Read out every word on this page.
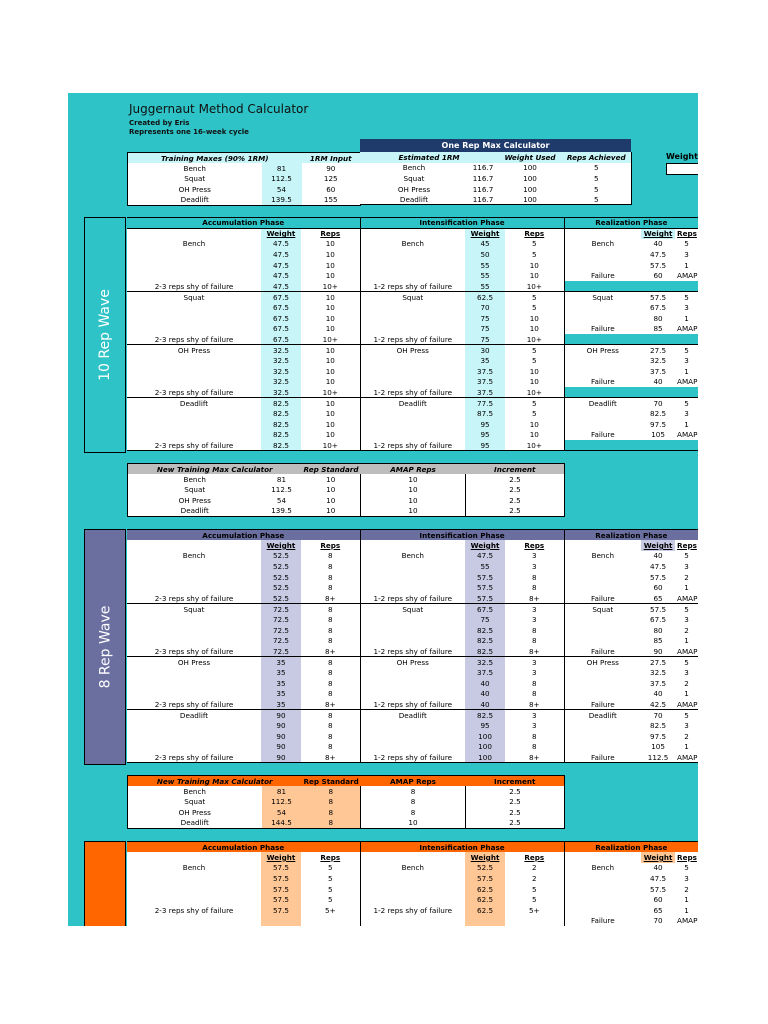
Juggernaut Method Calculator
Created by Eris
Represents one 16-week cycle
One Rep Max Calculator
Weight
Training Maxes (90% 1RM)		1RM Input
Bench	81	90
Squat	112.5	125
OH Press	54	60
Deadlift	139.5	155
Estimated 1RM		Weight Used	Reps Achieved
Bench	116.7	100	5
Squat	116.7	100	5
OH Press	116.7	100	5
Deadlift	116.7	100	5
10 Rep Wave
Accumulation Phase			Intensification Phase			Realization Phase		
	Weight	Reps		Weight	Reps		Weight	Reps
Bench	47.5	10	Bench	45	5	Bench	40	5
	47.5	10		50	5		47.5	3
	47.5	10		55	10		57.5	1
	47.5	10		55	10	Failure	60	AMAP
2-3 reps shy of failure	47.5	10+	1-2 reps shy of failure	55	10+			
Squat	67.5	10	Squat	62.5	5	Squat	57.5	5
	67.5	10		70	5		67.5	3
	67.5	10		75	10		80	1
	67.5	10		75	10	Failure	85	AMAP
2-3 reps shy of failure	67.5	10+	1-2 reps shy of failure	75	10+			
OH Press	32.5	10	OH Press	30	5	OH Press	27.5	5
	32.5	10		35	5		32.5	3
	32.5	10		37.5	10		37.5	1
	32.5	10		37.5	10	Failure	40	AMAP
2-3 reps shy of failure	32.5	10+	1-2 reps shy of failure	37.5	10+			
Deadlift	82.5	10	Deadlift	77.5	5	Deadlift	70	5
	82.5	10		87.5	5		82.5	3
	82.5	10		95	10		97.5	1
	82.5	10		95	10	Failure	105	AMAP
2-3 reps shy of failure	82.5	10+	1-2 reps shy of failure	95	10+			
New Training Max Calculator		Rep Standard	AMAP Reps	Increment
Bench	81	10	10	2.5
Squat	112.5	10	10	2.5
OH Press	54	10	10	2.5
Deadlift	139.5	10	10	2.5
8 Rep Wave
Accumulation Phase			Intensification Phase			Realization Phase		
	Weight	Reps		Weight	Reps		Weight	Reps
Bench	52.5	8	Bench	47.5	3	Bench	40	5
	52.5	8		55	3		47.5	3
	52.5	8		57.5	8		57.5	2
	52.5	8		57.5	8		60	1
2-3 reps shy of failure	52.5	8+	1-2 reps shy of failure	57.5	8+	Failure	65	AMAP
Squat	72.5	8	Squat	67.5	3	Squat	57.5	5
	72.5	8		75	3		67.5	3
	72.5	8		82.5	8		80	2
	72.5	8		82.5	8		85	1
2-3 reps shy of failure	72.5	8+	1-2 reps shy of failure	82.5	8+	Failure	90	AMAP
OH Press	35	8	OH Press	32.5	3	OH Press	27.5	5
	35	8		37.5	3		32.5	3
	35	8		40	8		37.5	2
	35	8		40	8		40	1
2-3 reps shy of failure	35	8+	1-2 reps shy of failure	40	8+	Failure	42.5	AMAP
Deadlift	90	8	Deadlift	82.5	3	Deadlift	70	5
	90	8		95	3		82.5	3
	90	8		100	8		97.5	2
	90	8		100	8		105	1
2-3 reps shy of failure	90	8+	1-2 reps shy of failure	100	8+	Failure	112.5	AMAP
New Training Max Calculator		Rep Standard	AMAP Reps	Increment
Bench	81	8	8	2.5
Squat	112.5	8	8	2.5
OH Press	54	8	8	2.5
Deadlift	144.5	8	10	2.5
Accumulation Phase			Intensification Phase			Realization Phase		
	Weight	Reps		Weight	Reps		Weight	Reps
Bench	57.5	5	Bench	52.5	2	Bench	40	5
	57.5	5		57.5	2		47.5	3
	57.5	5		62.5	5		57.5	2
	57.5	5		62.5	5		60	1
2-3 reps shy of failure	57.5	5+	1-2 reps shy of failure	62.5	5+		65	1
						Failure	70	AMAP
